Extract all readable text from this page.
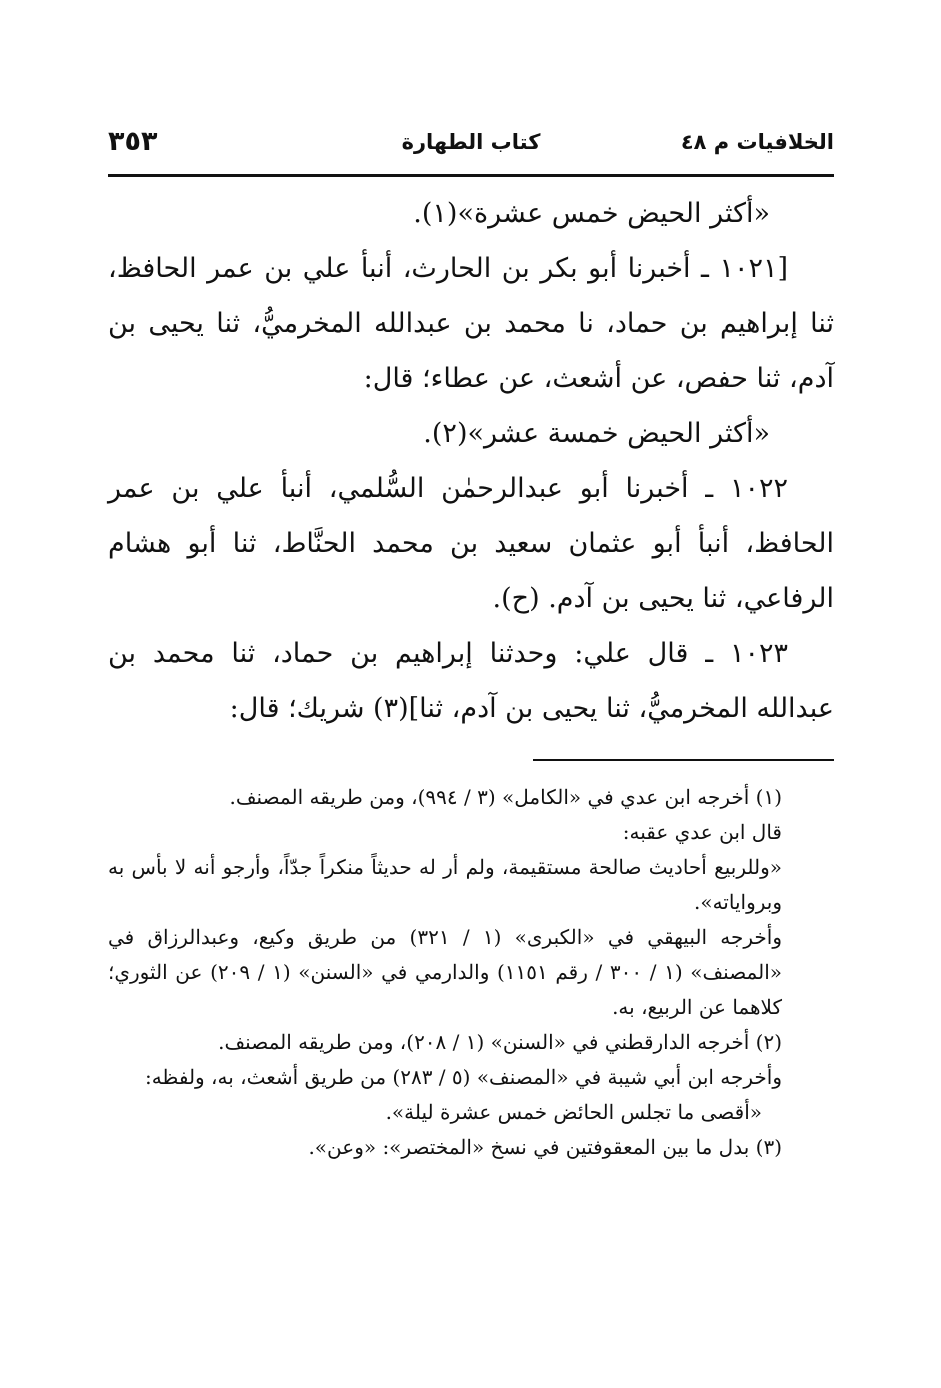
الخلافيات م ٤٨
كتاب الطهارة
٣٥٣

«أكثر الحيض خمس عشرة»(١).

[١٠٢١ ـ أخبرنا أبو بكر بن الحارث، أنبأ علي بن عمر الحافظ، ثنا إبراهيم بن حماد، نا محمد بن عبدالله المخرميُّ، ثنا يحيى بن آدم، ثنا حفص، عن أشعث، عن عطاء؛ قال:

«أكثر الحيض خمسة عشر»(٢).

١٠٢٢ ـ أخبرنا أبو عبدالرحمٰن السُّلمي، أنبأ علي بن عمر الحافظ، أنبأ أبو عثمان سعيد بن محمد الحنَّاط، ثنا أبو هشام الرفاعي، ثنا يحيى بن آدم. (ح).

١٠٢٣ ـ قال علي: وحدثنا إبراهيم بن حماد، ثنا محمد بن عبدالله المخرميُّ، ثنا يحيى بن آدم، ثنا](٣) شريك؛ قال:

(١) أخرجه ابن عدي في «الكامل» (٣ / ٩٩٤)، ومن طريقه المصنف.

قال ابن عدي عقبه:

«وللربيع أحاديث صالحة مستقيمة، ولم أر له حديثاً منكراً جدّاً، وأرجو أنه لا بأس به وبرواياته».

وأخرجه البيهقي في «الكبرى» (١ / ٣٢١) من طريق وكيع، وعبدالرزاق في «المصنف» (١ / ٣٠٠ / رقم ١١٥١) والدارمي في «السنن» (١ / ٢٠٩) عن الثوري؛ كلاهما عن الربيع، به.

(٢) أخرجه الدارقطني في «السنن» (١ / ٢٠٨)، ومن طريقه المصنف.

وأخرجه ابن أبي شيبة في «المصنف» (٥ / ٢٨٣) من طريق أشعث، به، ولفظه:

«أقصى ما تجلس الحائض خمس عشرة ليلة».

(٣) بدل ما بين المعقوفتين في نسخ «المختصر»: «وعن».
